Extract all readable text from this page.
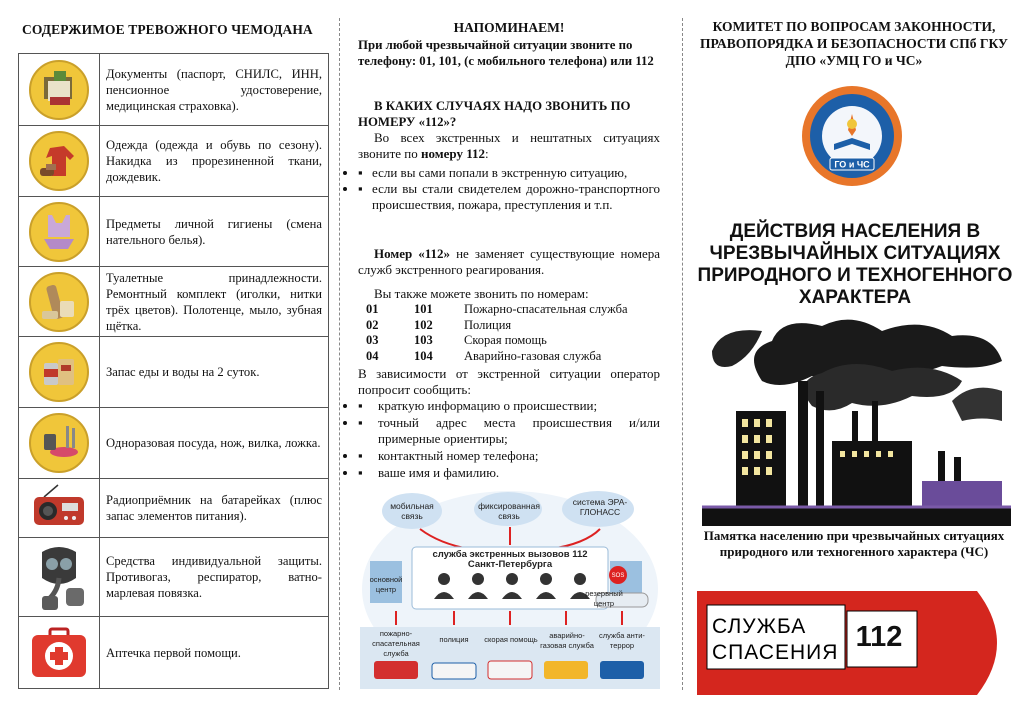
СОДЕРЖИМОЕ ТРЕВОЖНОГО ЧЕМОДАНА
	Документы (паспорт, СНИЛС, ИНН, пенсионное удостоверение, медицинская страховка).

	Одежда (одежда и обувь по сезону). Накидка из прорезиненной ткани, дождевик.

	Предметы личной гигиены (смена нательного белья).

	Туалетные принадлежности. Ремонтный комплект (иголки, нитки трёх цветов). Полотенце, мыло, зубная щётка.

	Запас еды и воды на 2 суток.

	Одноразовая посуда, нож, вилка, ложка.

	Радиоприёмник на батарейках (плюс запас элементов питания).

	Средства индивидуальной защиты. Противогаз, респиратор, ватно-марлевая повязка.

	Аптечка первой помощи.
НАПОМИНАЕМ!
При любой чрезвычайной ситуации звоните по телефону: 01, 101, (с мобильного телефона) или 112
В КАКИХ СЛУЧАЯХ НАДО ЗВОНИТЬ ПО НОМЕРУ «112»?
Во всех экстренных и нештатных ситуациях звоните по номеру 112:
▪ • если вы сами попали в экстренную ситуацию,
▪ • если вы стали свидетелем дорожно-транспортного происшествия, пожара, преступления и т.п.
Номер «112» не заменяет существующие номера служб экстренного реагирования.
Вы также можете звонить по номерам:
01	101	Пожарно-спасательная служба
02	102	Полиция
03	103	Скорая помощь
04	104	Аварийно-газовая служба
В зависимости от экстренной ситуации оператор попросит сообщить:
▪ • краткую информацию о происшествии;
▪ • точный адрес места происшествия и/или примерные ориентиры;
▪ • контактный номер телефона;
▪ • ваше имя и фамилию.
мобильная связь
фиксированная связь
система ЭРА-ГЛОНАСС
SOS
служба экстренных вызовов 112 Санкт-Петербурга
основной центр	резервный центр
пожарно-спасательная служба
полиция	скорая помощь	аварийно-газовая служба
служба анти-террор
КОМИТЕТ ПО ВОПРОСАМ ЗАКОННОСТИ, ПРАВОПОРЯДКА И БЕЗОПАСНОСТИ СПб ГКУ ДПО «УМЦ ГО и ЧС»
ГО и ЧС
ДЕЙСТВИЯ НАСЕЛЕНИЯ В ЧРЕЗВЫЧАЙНЫХ СИТУАЦИЯХ ПРИРОДНОГО И ТЕХНОГЕННОГО ХАРАКТЕРА
Памятка населению при чрезвычайных ситуациях природного или техногенного характера (ЧС)
СЛУЖБА
СПАСЕНИЯ 112
